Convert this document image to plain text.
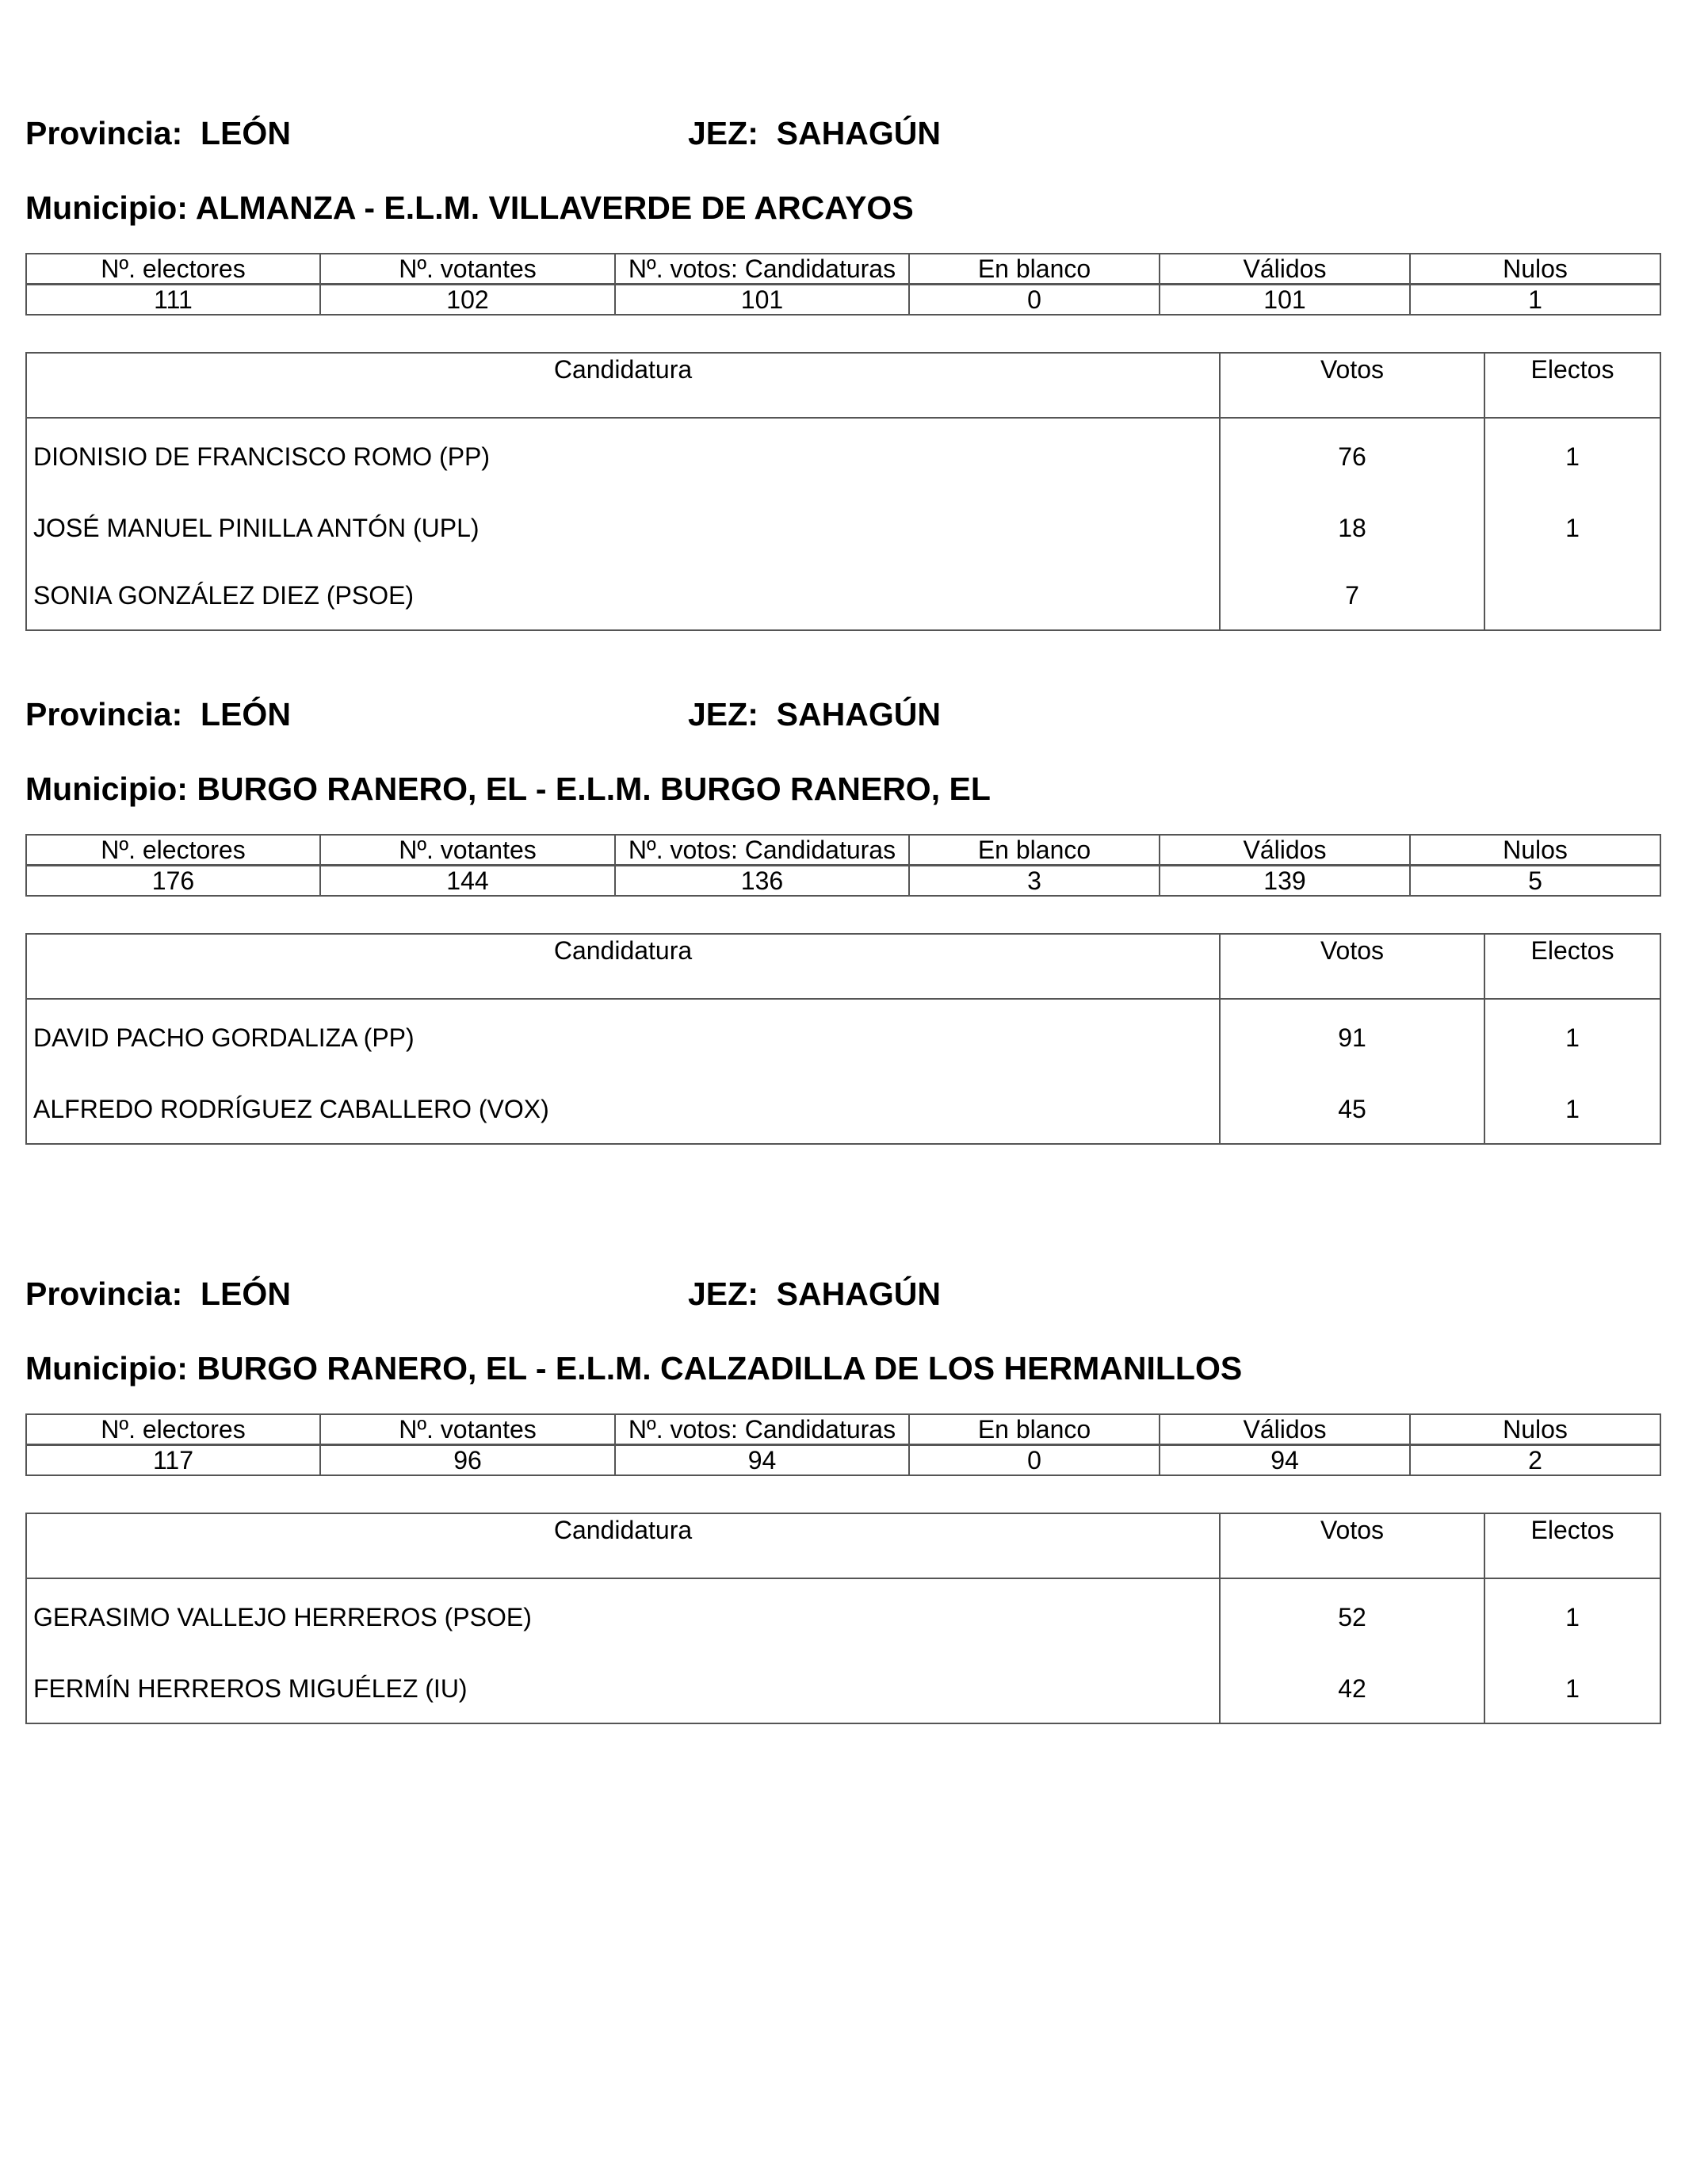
Provincia: LEÓN	JEZ: SAHAGÚN
Municipio: ALMANZA - E.L.M. VILLAVERDE DE ARCAYOS
Nº. electores	Nº. votantes	Nº. votos: Candidaturas	En blanco	Válidos	Nulos
111	102	101	0	101	1
Candidatura	Votos	Electos
DIONISIO DE FRANCISCO ROMO (PP)	76	1
JOSÉ MANUEL PINILLA ANTÓN (UPL)	18	1
SONIA GONZÁLEZ DIEZ (PSOE)	7	
Provincia: LEÓN	JEZ: SAHAGÚN
Municipio: BURGO RANERO, EL - E.L.M. BURGO RANERO, EL
Nº. electores	Nº. votantes	Nº. votos: Candidaturas	En blanco	Válidos	Nulos
176	144	136	3	139	5
Candidatura	Votos	Electos
DAVID PACHO GORDALIZA (PP)	91	1
ALFREDO RODRÍGUEZ CABALLERO (VOX)	45	1
Provincia: LEÓN	JEZ: SAHAGÚN
Municipio: BURGO RANERO, EL - E.L.M. CALZADILLA DE LOS HERMANILLOS
Nº. electores	Nº. votantes	Nº. votos: Candidaturas	En blanco	Válidos	Nulos
117	96	94	0	94	2
Candidatura	Votos	Electos
GERASIMO VALLEJO HERREROS (PSOE)	52	1
FERMÍN HERREROS MIGUÉLEZ (IU)	42	1
